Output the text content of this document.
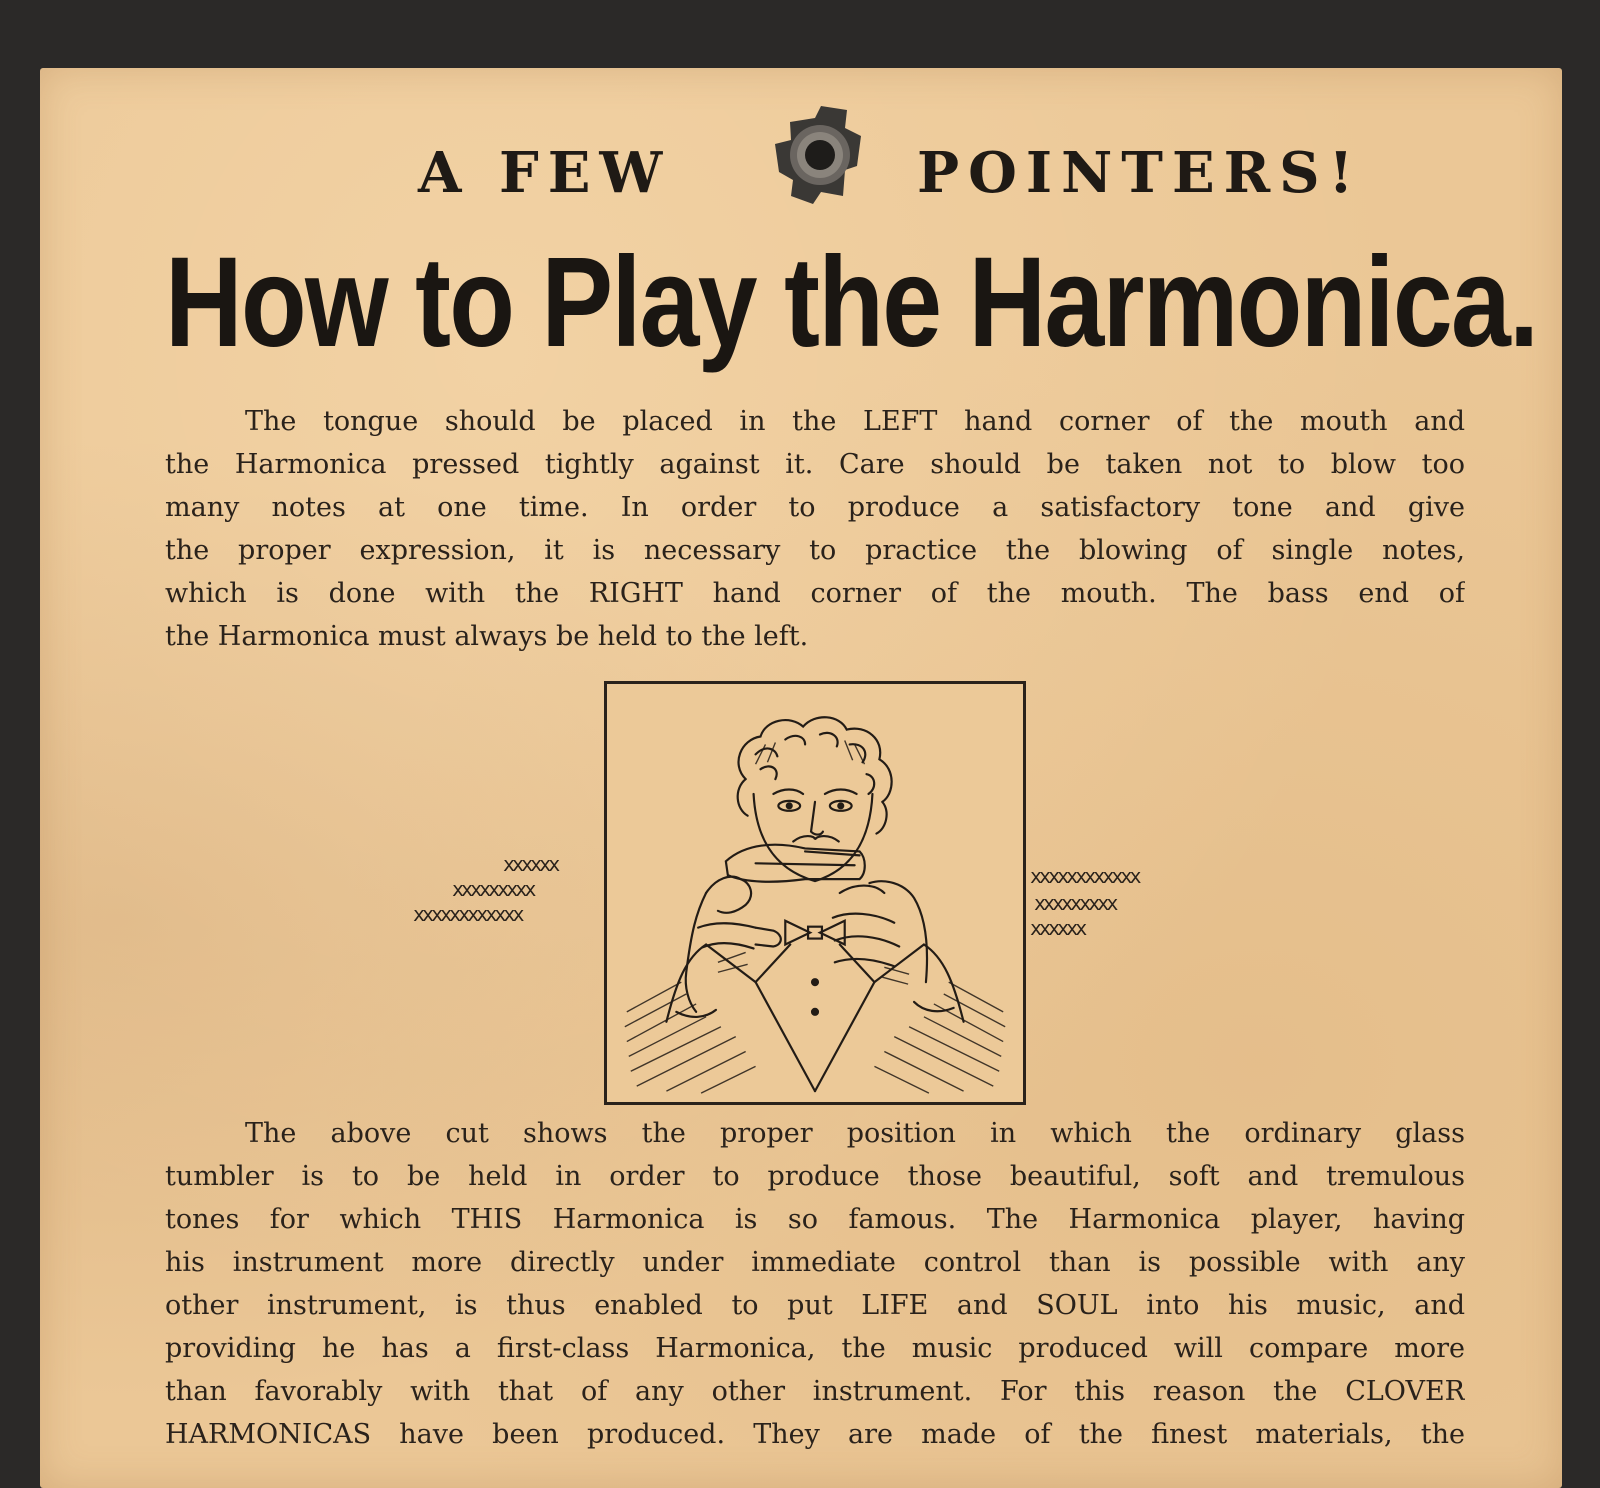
A FEW	POINTERS!
How to Play the Harmonica.
The tongue should be placed in the LEFT hand corner of the mouth and
the Harmonica pressed tightly against it. Care should be taken not to blow too
many notes at one time. In order to produce a satisfactory tone and give
the proper expression, it is necessary to practice the blowing of single notes,
which is done with the RIGHT hand corner of the mouth. The bass end of
the Harmonica must always be held to the left.

xxxxxx

xxxxxxxxx

xxxxxxxxxxxx

xxxxxxxxxxxx

xxxxxxxxx

xxxxxx

The above cut shows the proper position in which the ordinary glass
tumbler is to be held in order to produce those beautiful, soft and tremulous
tones for which THIS Harmonica is so famous. The Harmonica player, having
his instrument more directly under immediate control than is possible with any
other instrument, is thus enabled to put LIFE and SOUL into his music, and
providing he has a first-class Harmonica, the music produced will compare more
than favorably with that of any other instrument. For this reason the CLOVER
HARMONICAS have been produced. They are made of the finest materials, the
